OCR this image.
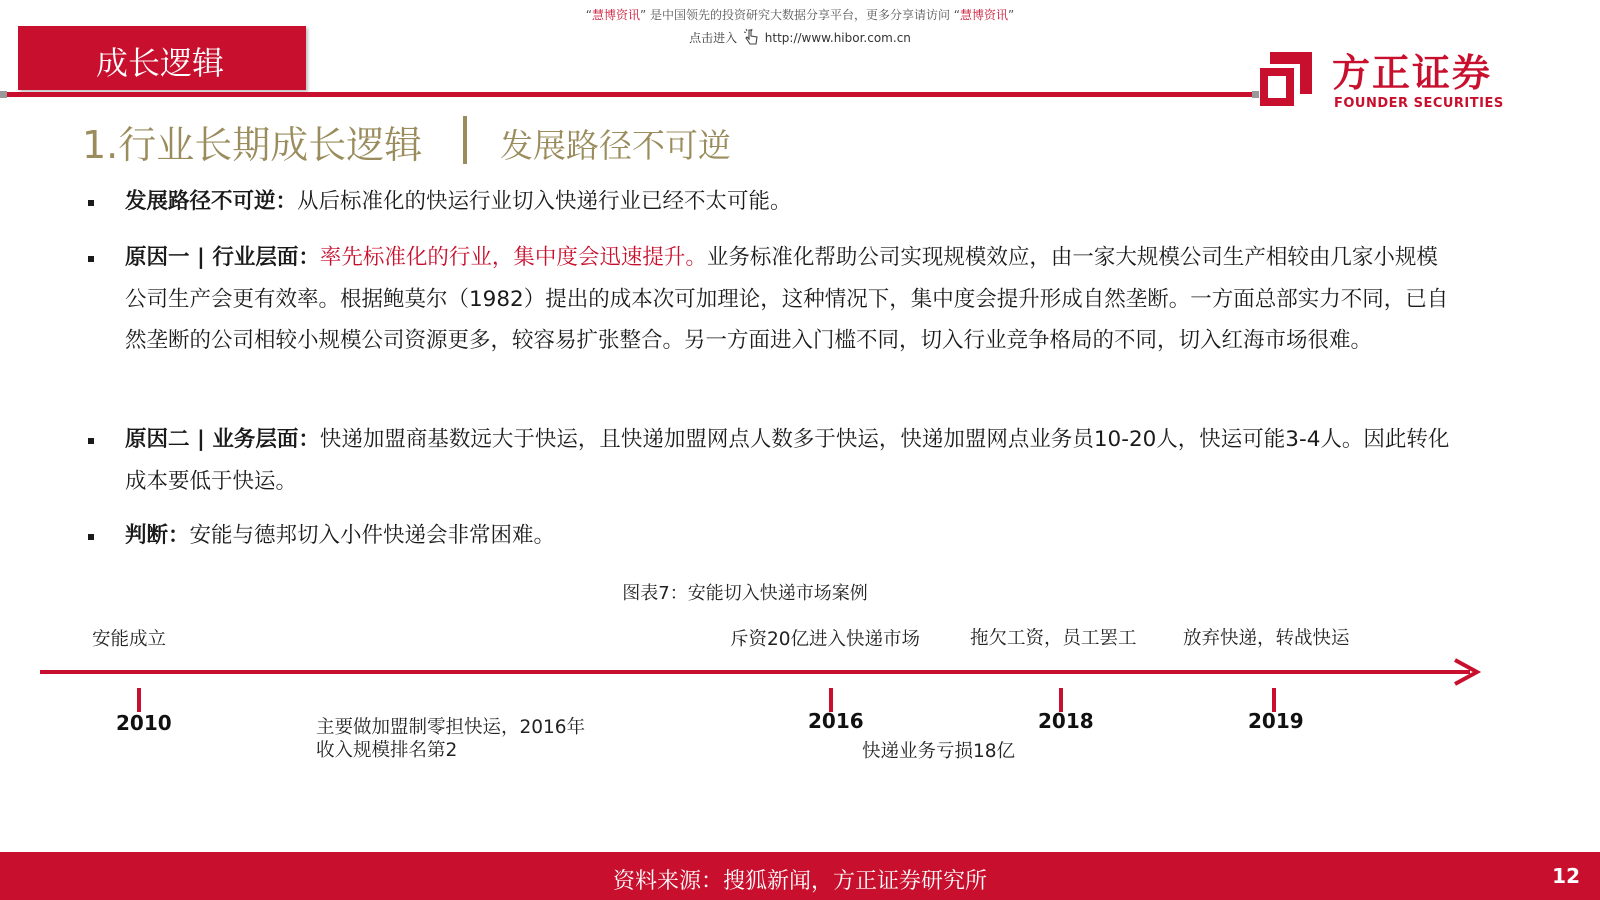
“慧博资讯” 是中国领先的投资研究大数据分享平台，更多分享请访问 “慧博资讯”
点击进入 http://www.hibor.com.cn
成长逻辑	方正证券
FOUNDER SECURITIES
1.行业长期成长逻辑 发展路径不可逆
发展路径不可逆：从后标准化的快运行业切入快递行业已经不太可能。
原因一 | 行业层面：率先标准化的行业，集中度会迅速提升。业务标准化帮助公司实现规模效应，由一家大规模公司生产相较由几家小规模公司生产会更有效率。根据鲍莫尔（1982）提出的成本次可加理论，这种情况下，集中度会提升形成自然垄断。一方面总部实力不同，已自然垄断的公司相较小规模公司资源更多，较容易扩张整合。另一方面进入门槛不同，切入行业竞争格局的不同，切入红海市场很难。
原因二 | 业务层面：快递加盟商基数远大于快运，且快递加盟网点人数多于快运，快递加盟网点业务员10-20人，快运可能3-4人。因此转化成本要低于快运。
判断：安能与德邦切入小件快递会非常困难。
图表7：安能切入快递市场案例
安能成立
2010	主要做加盟制零担快运，2016年
收入规模排名第2
斥资20亿进入快递市场
2016
快递业务亏损18亿
拖欠工资，员工罢工
2018
放弃快递，转战快运
2019
资料来源：搜狐新闻，方正证券研究所	12
